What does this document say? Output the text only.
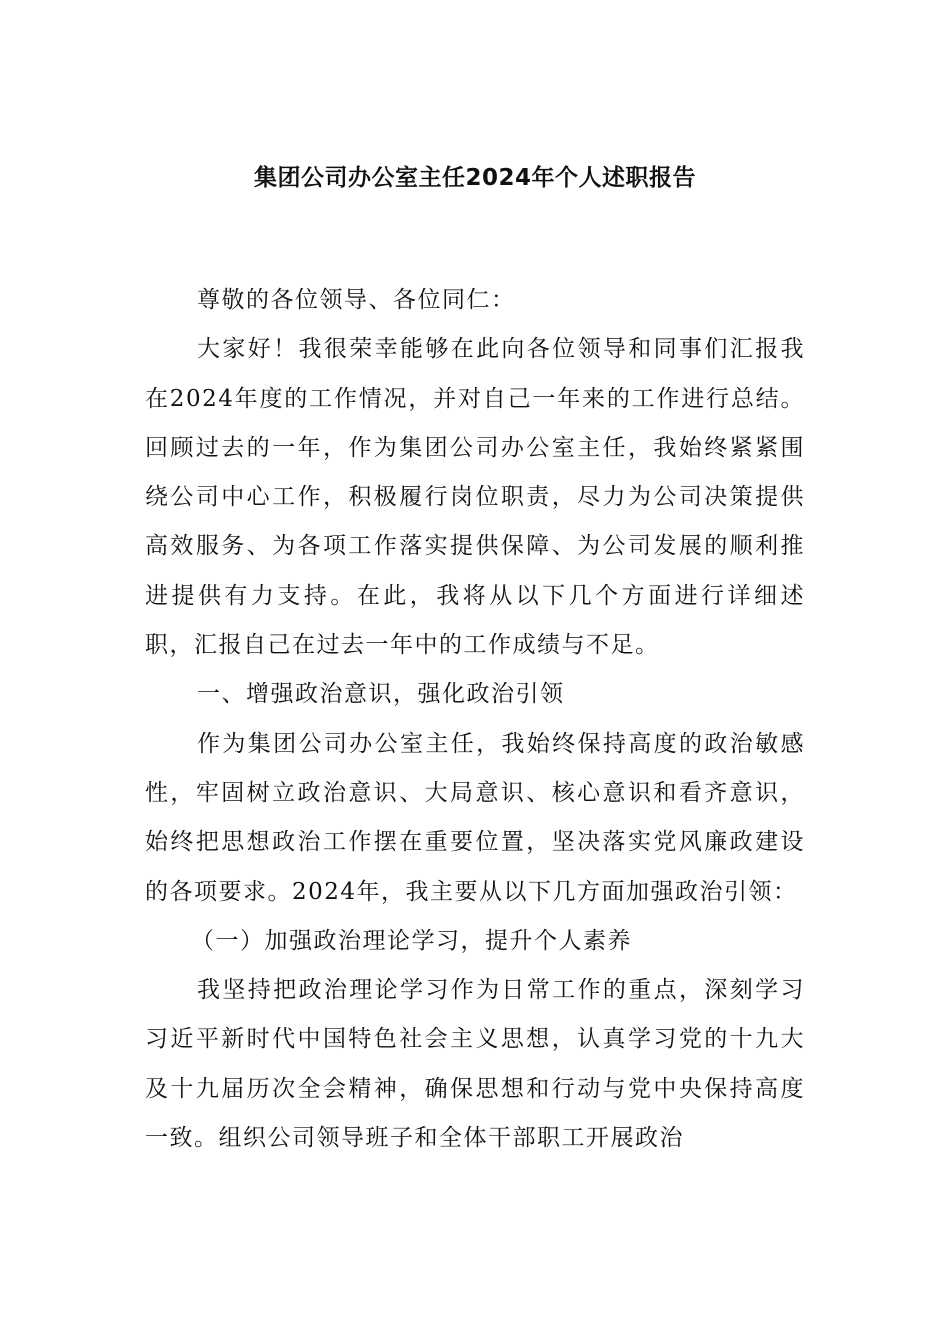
集团公司办公室主任2024年个人述职报告

尊敬的各位领导、各位同仁：

大家好！我很荣幸能够在此向各位领导和同事们汇报我在2024年度的工作情况，并对自己一年来的工作进行总结。回顾过去的一年，作为集团公司办公室主任，我始终紧紧围绕公司中心工作，积极履行岗位职责，尽力为公司决策提供高效服务、为各项工作落实提供保障、为公司发展的顺利推进提供有力支持。在此，我将从以下几个方面进行详细述职，汇报自己在过去一年中的工作成绩与不足。

一、增强政治意识，强化政治引领

作为集团公司办公室主任，我始终保持高度的政治敏感性，牢固树立政治意识、大局意识、核心意识和看齐意识，始终把思想政治工作摆在重要位置，坚决落实党风廉政建设的各项要求。2024年，我主要从以下几方面加强政治引领：

（一）加强政治理论学习，提升个人素养

我坚持把政治理论学习作为日常工作的重点，深刻学习习近平新时代中国特色社会主义思想，认真学习党的十九大及十九届历次全会精神，确保思想和行动与党中央保持高度一致。组织公司领导班子和全体干部职工开展政治
